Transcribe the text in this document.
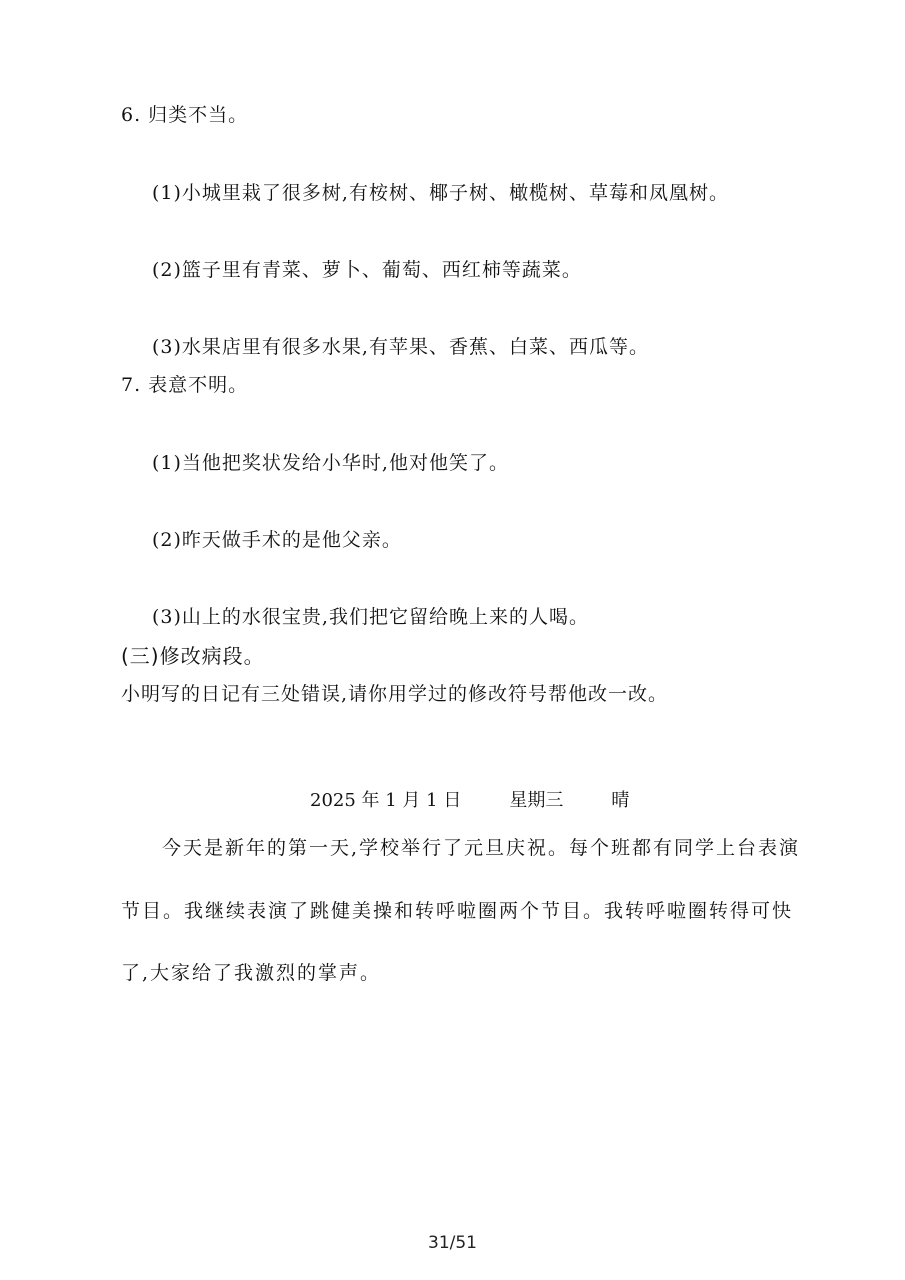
6. 归类不当。
(1)小城里栽了很多树,有桉树、椰子树、橄榄树、草莓和凤凰树。
(2)篮子里有青菜、萝卜、葡萄、西红柿等蔬菜。
(3)水果店里有很多水果,有苹果、香蕉、白菜、西瓜等。
7. 表意不明。
(1)当他把奖状发给小华时,他对他笑了。
(2)昨天做手术的是他父亲。
(3)山上的水很宝贵,我们把它留给晚上来的人喝。
(三)修改病段。
小明写的日记有三处错误,请你用学过的修改符号帮他改一改。
2025 年 1 月 1 日	星期三	晴
今天是新年的第一天,学校举行了元旦庆祝。每个班都有同学上台表演
节目。我继续表演了跳健美操和转呼啦圈两个节目。我转呼啦圈转得可快
了,大家给了我激烈的掌声。
31/51
